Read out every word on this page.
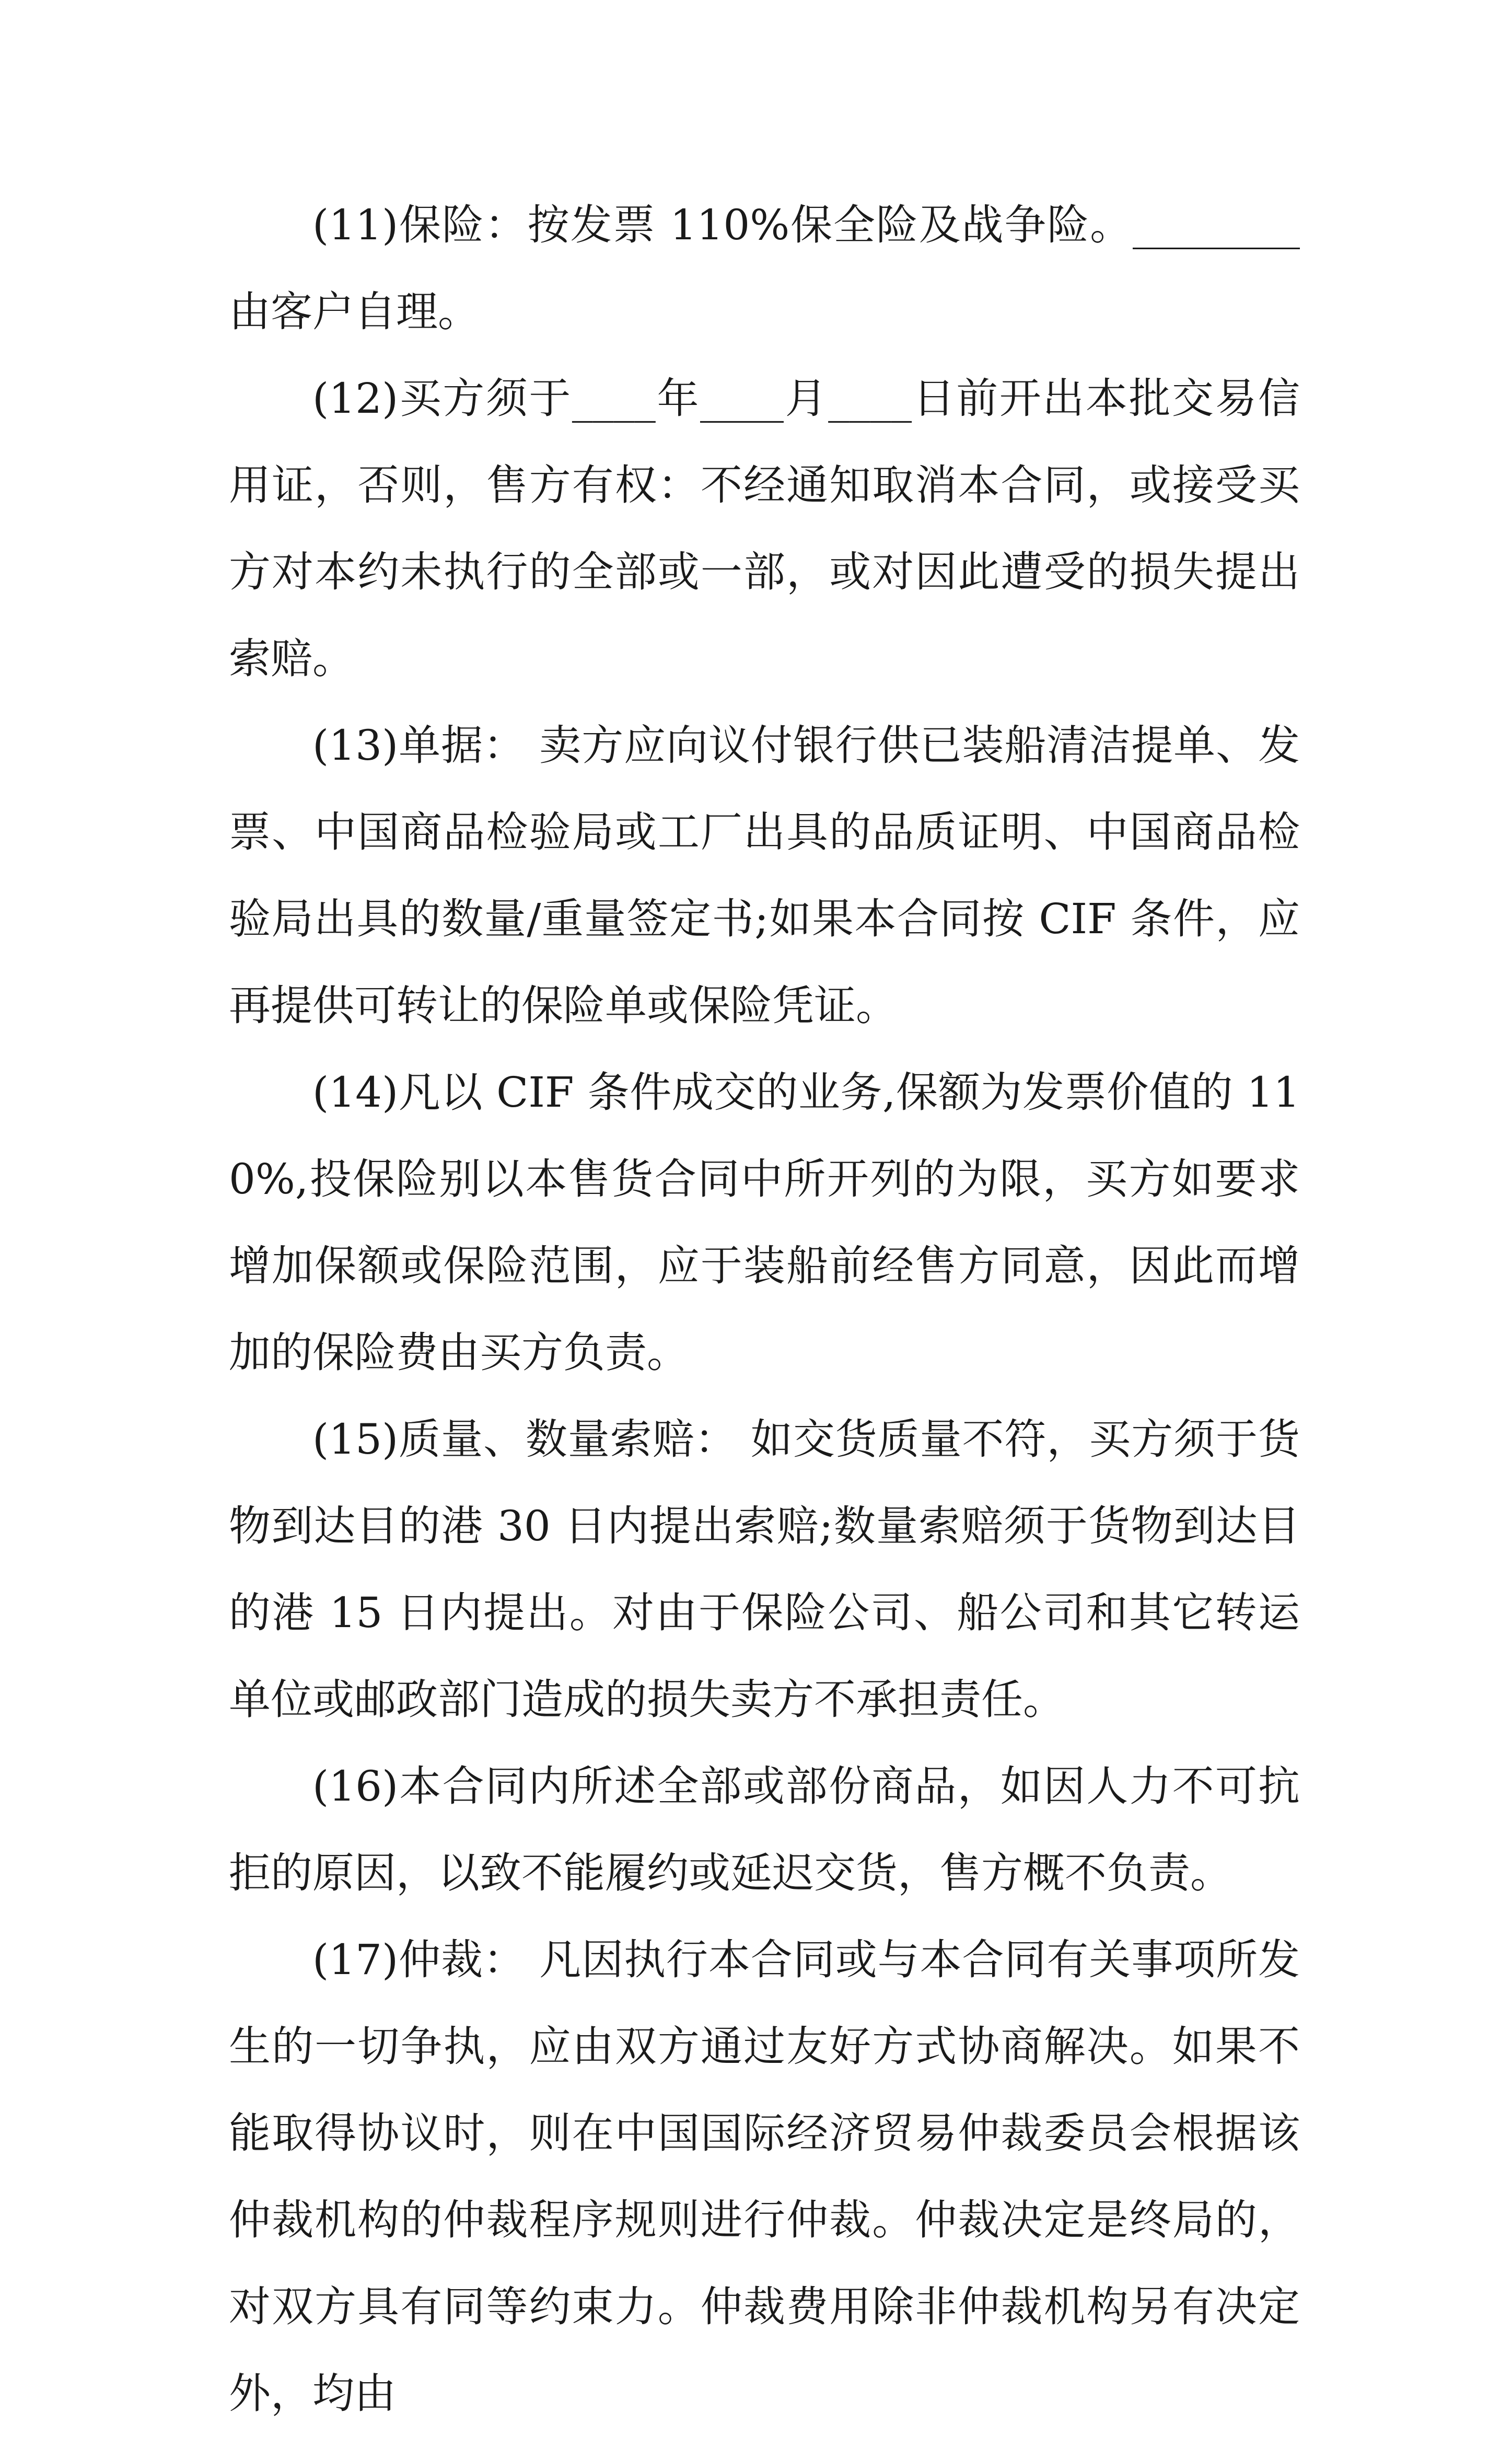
(11)保险：按发票 110%保全险及战争险。________由客户自理。

(12)买方须于____年____月____日前开出本批交易信用证，否则，售方有权：不经通知取消本合同，或接受买方对本约未执行的全部或一部，或对因此遭受的损失提出索赔。

(13)单据： 卖方应向议付银行供已装船清洁提单、发票、中国商品检验局或工厂出具的品质证明、中国商品检验局出具的数量/重量签定书;如果本合同按 CIF 条件，应再提供可转让的保险单或保险凭证。

(14)凡以 CIF 条件成交的业务,保额为发票价值的 110%,投保险别以本售货合同中所开列的为限，买方如要求增加保额或保险范围，应于装船前经售方同意，因此而增加的保险费由买方负责。

(15)质量、数量索赔： 如交货质量不符，买方须于货物到达目的港 30 日内提出索赔;数量索赔须于货物到达目的港 15 日内提出。对由于保险公司、船公司和其它转运单位或邮政部门造成的损失卖方不承担责任。

(16)本合同内所述全部或部份商品，如因人力不可抗拒的原因，以致不能履约或延迟交货，售方概不负责。

(17)仲裁： 凡因执行本合同或与本合同有关事项所发生的一切争执，应由双方通过友好方式协商解决。如果不能取得协议时，则在中国国际经济贸易仲裁委员会根据该仲裁机构的仲裁程序规则进行仲裁。仲裁决定是终局的，对双方具有同等约束力。仲裁费用除非仲裁机构另有决定外，均由
